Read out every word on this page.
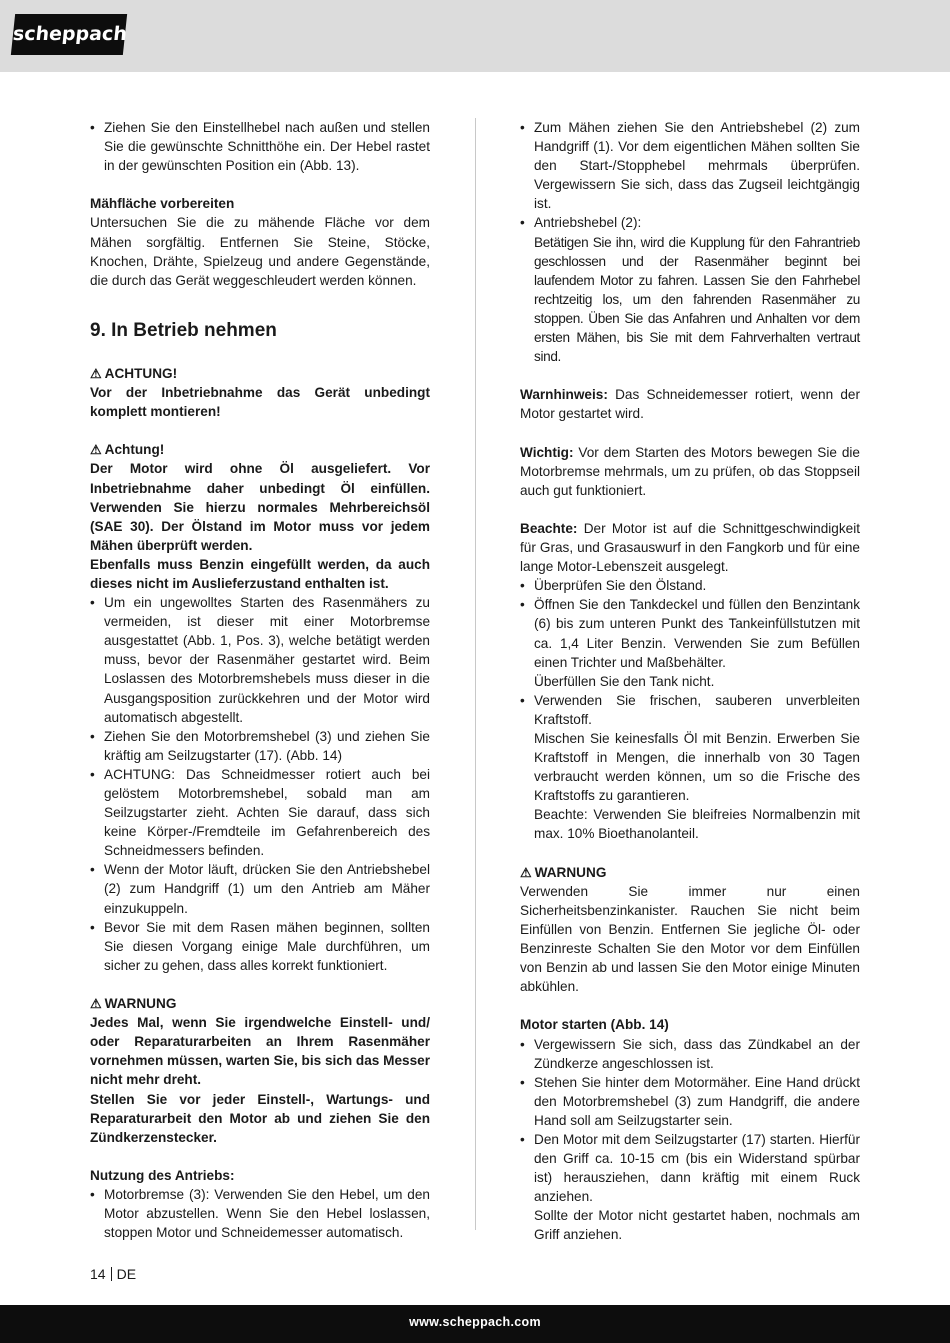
scheppach
• Ziehen Sie den Einstellhebel nach außen und stellen Sie die gewünschte Schnitthöhe ein. Der Hebel rastet in der gewünschten Position ein (Abb. 13).

Mähfläche vorbereiten

Untersuchen Sie die zu mähende Fläche vor dem Mähen sorgfältig. Entfernen Sie Steine, Stöcke, Knochen, Drähte, Spielzeug und andere Gegenstände, die durch das Gerät weggeschleudert werden können.

9. In Betrieb nehmen

⚠ ACHTUNG!

Vor der Inbetriebnahme das Gerät unbedingt komplett montieren!

⚠ Achtung!

Der Motor wird ohne Öl ausgeliefert. Vor Inbetriebnahme daher unbedingt Öl einfüllen. Verwenden Sie hierzu normales Mehrbereichsöl (SAE 30). Der Ölstand im Motor muss vor jedem Mähen überprüft werden.

Ebenfalls muss Benzin eingefüllt werden, da auch dieses nicht im Auslieferzustand enthalten ist.

• Um ein ungewolltes Starten des Rasenmähers zu vermeiden, ist dieser mit einer Motorbremse ausgestattet (Abb. 1, Pos. 3), welche betätigt werden muss, bevor der Rasenmäher gestartet wird. Beim Loslassen des Motorbremshebels muss dieser in die Ausgangsposition zurückkehren und der Motor wird automatisch abgestellt.
• Ziehen Sie den Motorbremshebel (3) und ziehen Sie kräftig am Seilzugstarter (17). (Abb. 14)
• ACHTUNG: Das Schneidmesser rotiert auch bei gelöstem Motorbremshebel, sobald man am Seilzugstarter zieht. Achten Sie darauf, dass sich keine Körper-/Fremdteile im Gefahrenbereich des Schneidmessers befinden.
• Wenn der Motor läuft, drücken Sie den Antriebshebel (2) zum Handgriff (1) um den Antrieb am Mäher einzukuppeln.
• Bevor Sie mit dem Rasen mähen beginnen, sollten Sie diesen Vorgang einige Male durchführen, um sicher zu gehen, dass alles korrekt funktioniert.

⚠ WARNUNG

Jedes Mal, wenn Sie irgendwelche Einstell- und/ oder Reparaturarbeiten an Ihrem Rasenmäher vornehmen müssen, warten Sie, bis sich das Messer nicht mehr dreht.

Stellen Sie vor jeder Einstell-, Wartungs- und Reparaturarbeit den Motor ab und ziehen Sie den Zündkerzenstecker.

Nutzung des Antriebs:

• Motorbremse (3): Verwenden Sie den Hebel, um den Motor abzustellen. Wenn Sie den Hebel loslassen, stoppen Motor und Schneidemesser automatisch.
• Zum Mähen ziehen Sie den Antriebshebel (2) zum Handgriff (1). Vor dem eigentlichen Mähen sollten Sie den Start-/Stopphebel mehrmals überprüfen. Vergewissern Sie sich, dass das Zugseil leichtgängig ist.
• Antriebshebel (2):
Betätigen Sie ihn, wird die Kupplung für den Fahrantrieb geschlossen und der Rasenmäher beginnt bei laufendem Motor zu fahren. Lassen Sie den Fahrhebel rechtzeitig los, um den fahrenden Rasenmäher zu stoppen. Üben Sie das Anfahren und Anhalten vor dem ersten Mähen, bis Sie mit dem Fahrverhalten vertraut sind.

Warnhinweis: Das Schneidemesser rotiert, wenn der Motor gestartet wird.

Wichtig: Vor dem Starten des Motors bewegen Sie die Motorbremse mehrmals, um zu prüfen, ob das Stoppseil auch gut funktioniert.

Beachte: Der Motor ist auf die Schnittgeschwindigkeit für Gras, und Grasauswurf in den Fangkorb und für eine lange Motor-Lebenszeit ausgelegt.

• Überprüfen Sie den Ölstand.
• Öffnen Sie den Tankdeckel und füllen den Benzintank (6) bis zum unteren Punkt des Tankeinfüllstutzen mit ca. 1,4 Liter Benzin. Verwenden Sie zum Befüllen einen Trichter und Maßbehälter.
Überfüllen Sie den Tank nicht.
• Verwenden Sie frischen, sauberen unverbleiten Kraftstoff.
Mischen Sie keinesfalls Öl mit Benzin. Erwerben Sie Kraftstoff in Mengen, die innerhalb von 30 Tagen verbraucht werden können, um so die Frische des Kraftstoffs zu garantieren.
Beachte: Verwenden Sie bleifreies Normalbenzin mit max. 10% Bioethanolanteil.

⚠ WARNUNG

Verwenden Sie immer nur einen Sicherheitsbenzinkanister. Rauchen Sie nicht beim Einfüllen von Benzin. Entfernen Sie jegliche Öl- oder Benzinreste Schalten Sie den Motor vor dem Einfüllen von Benzin ab und lassen Sie den Motor einige Minuten abkühlen.

Motor starten (Abb. 14)

• Vergewissern Sie sich, dass das Zündkabel an der Zündkerze angeschlossen ist.
• Stehen Sie hinter dem Motormäher. Eine Hand drückt den Motorbremshebel (3) zum Handgriff, die andere Hand soll am Seilzugstarter sein.
• Den Motor mit dem Seilzugstarter (17) starten. Hierfür den Griff ca. 10-15 cm (bis ein Widerstand spürbar ist) herausziehen, dann kräftig mit einem Ruck anziehen.
Sollte der Motor nicht gestartet haben, nochmals am Griff anziehen.
14 DE
www.scheppach.com
